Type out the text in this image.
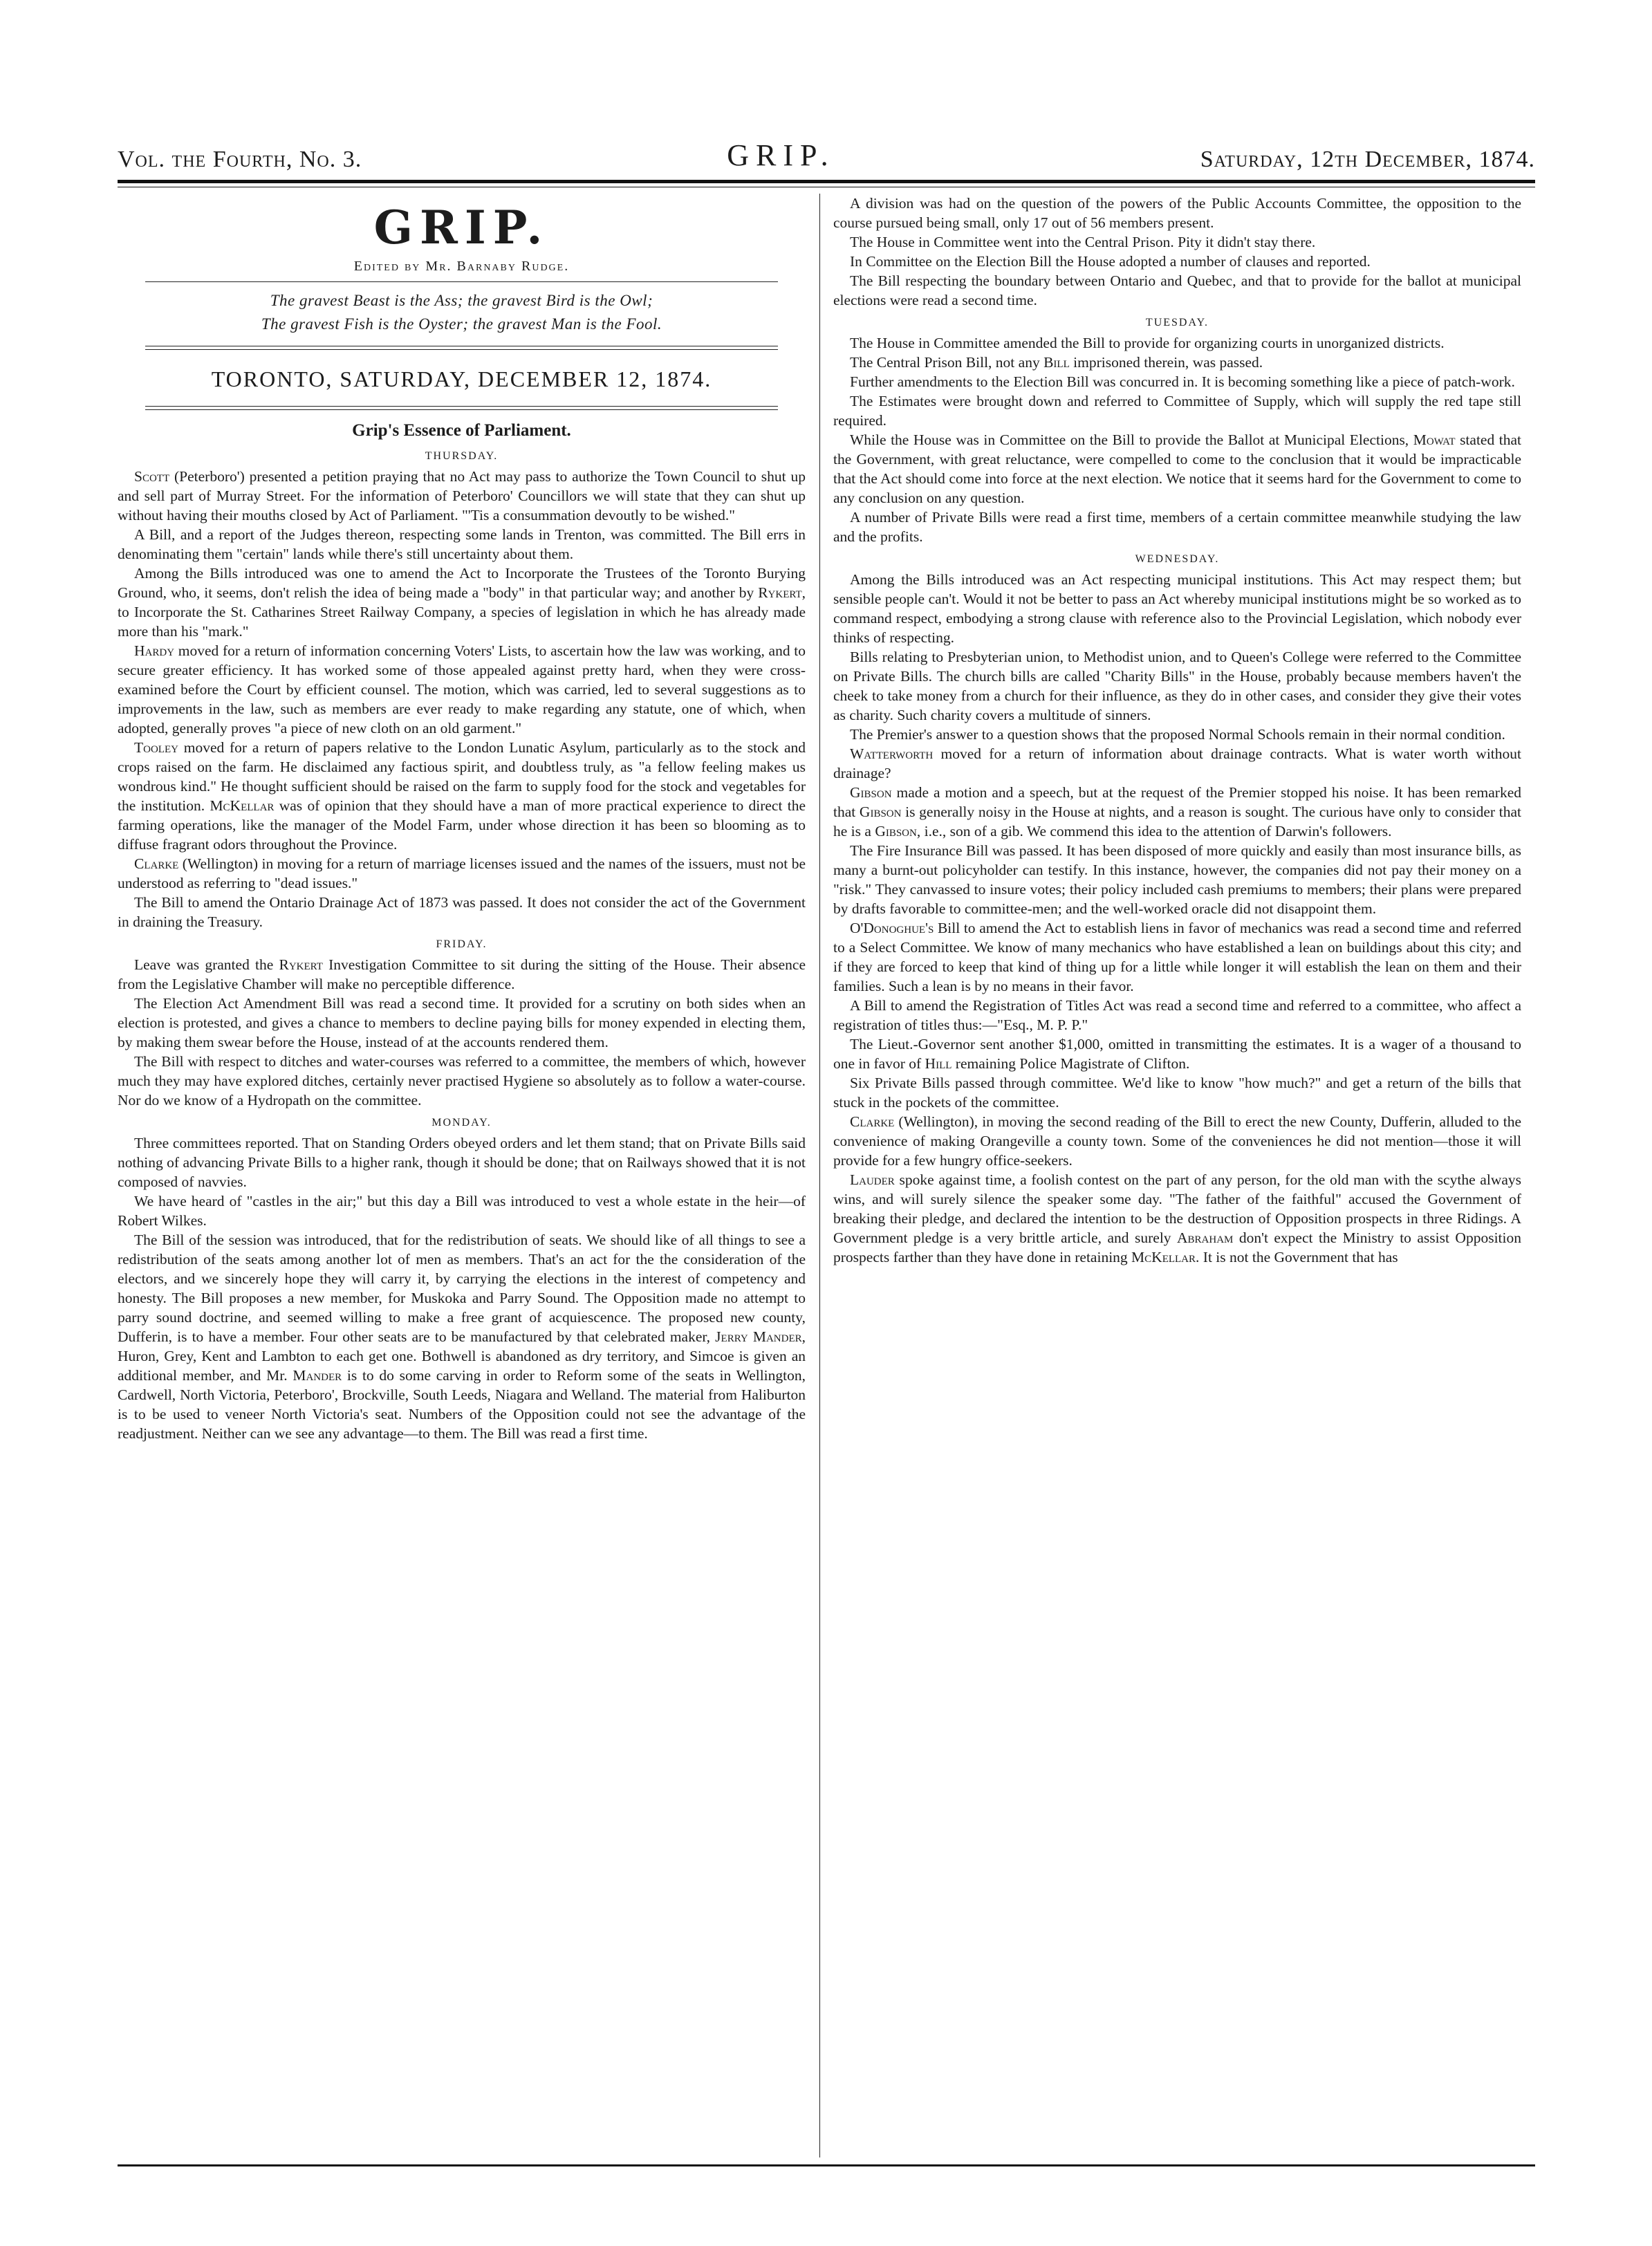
Vol. the Fourth, No. 3.	GRIP.	Saturday, 12th December, 1874.
GRIP.
Edited by Mr. Barnaby Rudge.
The gravest Beast is the Ass; the gravest Bird is the Owl;
The gravest Fish is the Oyster; the gravest Man is the Fool.
TORONTO, SATURDAY, DECEMBER 12, 1874.
Grip's Essence of Parliament.
THURSDAY.

Scott (Peterboro') presented a petition praying that no Act may pass to authorize the Town Council to shut up and sell part of Murray Street. For the information of Peterboro' Councillors we will state that they can shut up without having their mouths closed by Act of Parliament. "'Tis a consummation devoutly to be wished."

A Bill, and a report of the Judges thereon, respecting some lands in Trenton, was committed. The Bill errs in denominating them "certain" lands while there's still uncertainty about them.

Among the Bills introduced was one to amend the Act to Incorporate the Trustees of the Toronto Burying Ground, who, it seems, don't relish the idea of being made a "body" in that particular way; and another by Rykert, to Incorporate the St. Catharines Street Railway Company, a species of legislation in which he has already made more than his "mark."

Hardy moved for a return of information concerning Voters' Lists, to ascertain how the law was working, and to secure greater efficiency. It has worked some of those appealed against pretty hard, when they were cross-examined before the Court by efficient counsel. The motion, which was carried, led to several suggestions as to improvements in the law, such as members are ever ready to make regarding any statute, one of which, when adopted, generally proves "a piece of new cloth on an old garment."

Tooley moved for a return of papers relative to the London Lunatic Asylum, particularly as to the stock and crops raised on the farm. He disclaimed any factious spirit, and doubtless truly, as "a fellow feeling makes us wondrous kind." He thought sufficient should be raised on the farm to supply food for the stock and vegetables for the institution. McKellar was of opinion that they should have a man of more practical experience to direct the farming operations, like the manager of the Model Farm, under whose direction it has been so blooming as to diffuse fragrant odors throughout the Province.

Clarke (Wellington) in moving for a return of marriage licenses issued and the names of the issuers, must not be understood as referring to "dead issues."

The Bill to amend the Ontario Drainage Act of 1873 was passed. It does not consider the act of the Government in draining the Treasury.

FRIDAY.

Leave was granted the Rykert Investigation Committee to sit during the sitting of the House. Their absence from the Legislative Chamber will make no perceptible difference.

The Election Act Amendment Bill was read a second time. It provided for a scrutiny on both sides when an election is protested, and gives a chance to members to decline paying bills for money expended in electing them, by making them swear before the House, instead of at the accounts rendered them.

The Bill with respect to ditches and water-courses was referred to a committee, the members of which, however much they may have explored ditches, certainly never practised Hygiene so absolutely as to follow a water-course. Nor do we know of a Hydropath on the committee.

MONDAY.

Three committees reported. That on Standing Orders obeyed orders and let them stand; that on Private Bills said nothing of advancing Private Bills to a higher rank, though it should be done; that on Railways showed that it is not composed of navvies.

We have heard of "castles in the air;" but this day a Bill was introduced to vest a whole estate in the heir—of Robert Wilkes.

The Bill of the session was introduced, that for the redistribution of seats. We should like of all things to see a redistribution of the seats among another lot of men as members. That's an act for the the consideration of the electors, and we sincerely hope they will carry it, by carrying the elections in the interest of competency and honesty. The Bill proposes a new member, for Muskoka and Parry Sound. The Opposition made no attempt to parry sound doctrine, and seemed willing to make a free grant of acquiescence. The proposed new county, Dufferin, is to have a member. Four other seats are to be manufactured by that celebrated maker, Jerry Mander, Huron, Grey, Kent and Lambton to each get one. Bothwell is abandoned as dry territory, and Simcoe is given an additional member, and Mr. Mander is to do some carving in order to Reform some of the seats in Wellington, Cardwell, North Victoria, Peterboro', Brockville, South Leeds, Niagara and Welland. The material from Haliburton is to be used to veneer North Victoria's seat. Numbers of the Opposition could not see the advantage of the readjustment. Neither can we see any advantage—to them. The Bill was read a first time.

A division was had on the question of the powers of the Public Accounts Committee, the opposition to the course pursued being small, only 17 out of 56 members present.

The House in Committee went into the Central Prison. Pity it didn't stay there.

In Committee on the Election Bill the House adopted a number of clauses and reported.

The Bill respecting the boundary between Ontario and Quebec, and that to provide for the ballot at municipal elections were read a second time.

TUESDAY.

The House in Committee amended the Bill to provide for organizing courts in unorganized districts.

The Central Prison Bill, not any Bill imprisoned therein, was passed.

Further amendments to the Election Bill was concurred in. It is becoming something like a piece of patch-work.

The Estimates were brought down and referred to Committee of Supply, which will supply the red tape still required.

While the House was in Committee on the Bill to provide the Ballot at Municipal Elections, Mowat stated that the Government, with great reluctance, were compelled to come to the conclusion that it would be impracticable that the Act should come into force at the next election. We notice that it seems hard for the Government to come to any conclusion on any question.

A number of Private Bills were read a first time, members of a certain committee meanwhile studying the law and the profits.

WEDNESDAY.

Among the Bills introduced was an Act respecting municipal institutions. This Act may respect them; but sensible people can't. Would it not be better to pass an Act whereby municipal institutions might be so worked as to command respect, embodying a strong clause with reference also to the Provincial Legislation, which nobody ever thinks of respecting.

Bills relating to Presbyterian union, to Methodist union, and to Queen's College were referred to the Committee on Private Bills. The church bills are called "Charity Bills" in the House, probably because members haven't the cheek to take money from a church for their influence, as they do in other cases, and consider they give their votes as charity. Such charity covers a multitude of sinners.

The Premier's answer to a question shows that the proposed Normal Schools remain in their normal condition.

Watterworth moved for a return of information about drainage contracts. What is water worth without drainage?

Gibson made a motion and a speech, but at the request of the Premier stopped his noise. It has been remarked that Gibson is generally noisy in the House at nights, and a reason is sought. The curious have only to consider that he is a Gibson, i.e., son of a gib. We commend this idea to the attention of Darwin's followers.

The Fire Insurance Bill was passed. It has been disposed of more quickly and easily than most insurance bills, as many a burnt-out policyholder can testify. In this instance, however, the companies did not pay their money on a "risk." They canvassed to insure votes; their policy included cash premiums to members; their plans were prepared by drafts favorable to committee-men; and the well-worked oracle did not disappoint them.

O'Donoghue's Bill to amend the Act to establish liens in favor of mechanics was read a second time and referred to a Select Committee. We know of many mechanics who have established a lean on buildings about this city; and if they are forced to keep that kind of thing up for a little while longer it will establish the lean on them and their families. Such a lean is by no means in their favor.

A Bill to amend the Registration of Titles Act was read a second time and referred to a committee, who affect a registration of titles thus:—"Esq., M. P. P."

The Lieut.-Governor sent another $1,000, omitted in transmitting the estimates. It is a wager of a thousand to one in favor of Hill remaining Police Magistrate of Clifton.

Six Private Bills passed through committee. We'd like to know "how much?" and get a return of the bills that stuck in the pockets of the committee.

Clarke (Wellington), in moving the second reading of the Bill to erect the new County, Dufferin, alluded to the convenience of making Orangeville a county town. Some of the conveniences he did not mention—those it will provide for a few hungry office-seekers.

Lauder spoke against time, a foolish contest on the part of any person, for the old man with the scythe always wins, and will surely silence the speaker some day. "The father of the faithful" accused the Government of breaking their pledge, and declared the intention to be the destruction of Opposition prospects in three Ridings. A Government pledge is a very brittle article, and surely Abraham don't expect the Ministry to assist Opposition prospects farther than they have done in retaining McKellar. It is not the Government that has
